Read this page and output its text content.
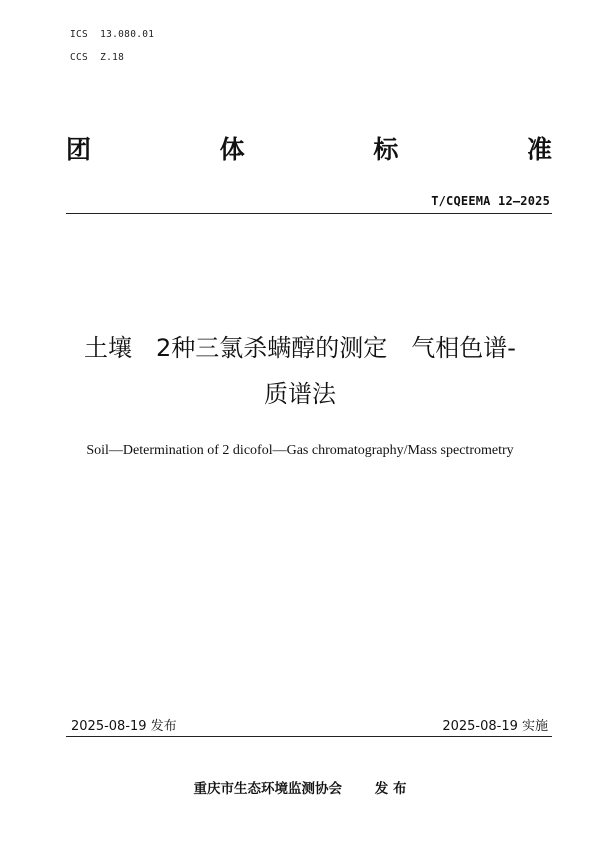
ICS 13.080.01
CCS Z.18
团	体	标	准
T/CQEEMA 12—2025
土壤　2种三氯杀螨醇的测定　气相色谱-
质谱法
Soil—Determination of 2 dicofol—Gas chromatography/Mass spectrometry
2025-08-19 发布	2025-08-19 实施
重庆市生态环境监测协会 发 布
